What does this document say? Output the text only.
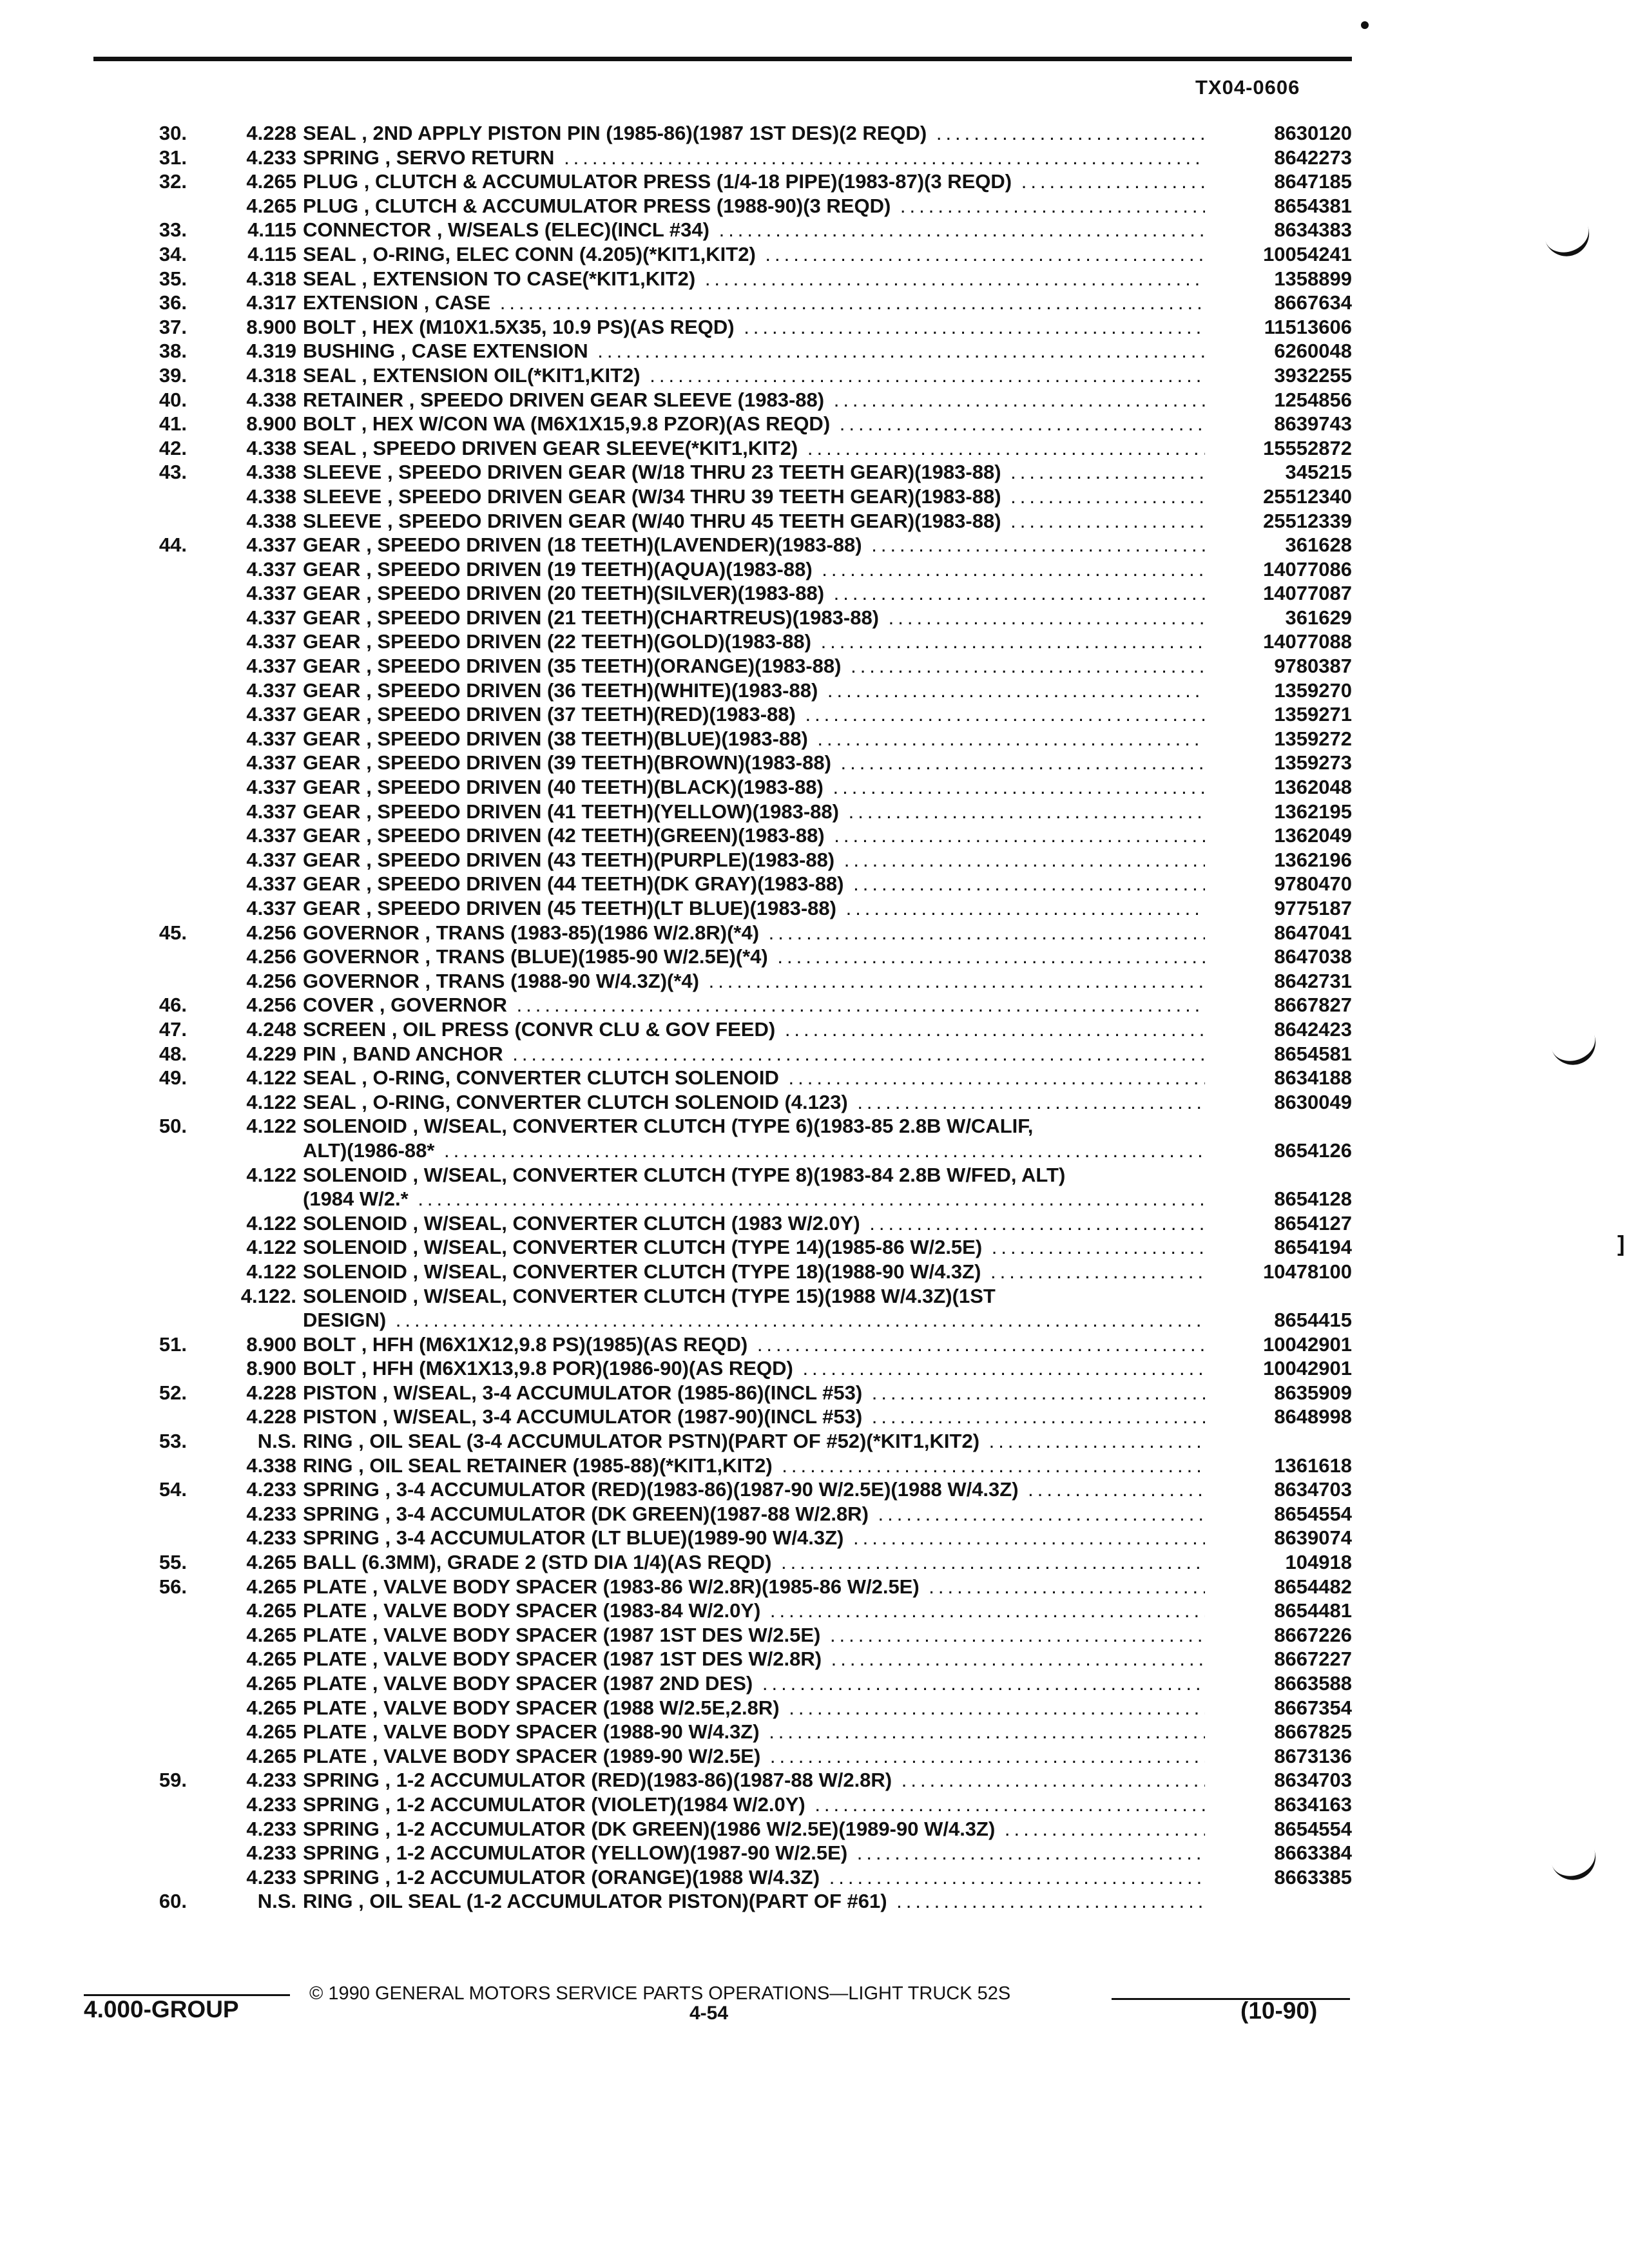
TX04-0606
30.	4.228 SEAL , 2ND APPLY PISTON PIN (1985-86)(1987 1ST DES)(2 REQD) .....	8630120
31.	4.233 SPRING , SERVO RETURN .....	8642273
32.	4.265 PLUG , CLUTCH & ACCUMULATOR PRESS (1/4-18 PIPE)(1983-87)(3 REQD) .....	8647185
4.265 PLUG , CLUTCH & ACCUMULATOR PRESS (1988-90)(3 REQD) .....	8654381
33.	4.115 CONNECTOR , W/SEALS (ELEC)(INCL #34) .....	8634383
34.	4.115 SEAL , O-RING, ELEC CONN (4.205)(*KIT1,KIT2) .....	10054241
35.	4.318 SEAL , EXTENSION TO CASE(*KIT1,KIT2) .....	1358899
36.	4.317 EXTENSION , CASE .....	8667634
37.	8.900 BOLT , HEX (M10X1.5X35, 10.9 PS)(AS REQD) .....	11513606
38.	4.319 BUSHING , CASE EXTENSION .....	6260048
39.	4.318 SEAL , EXTENSION OIL(*KIT1,KIT2) .....	3932255
40.	4.338 RETAINER , SPEEDO DRIVEN GEAR SLEEVE (1983-88) .....	1254856
41.	8.900 BOLT , HEX W/CON WA (M6X1X15,9.8 PZOR)(AS REQD) .....	8639743
42.	4.338 SEAL , SPEEDO DRIVEN GEAR SLEEVE(*KIT1,KIT2) .....	15552872
43.	4.338 SLEEVE , SPEEDO DRIVEN GEAR (W/18 THRU 23 TEETH GEAR)(1983-88) .....	345215
4.338 SLEEVE , SPEEDO DRIVEN GEAR (W/34 THRU 39 TEETH GEAR)(1983-88) .....	25512340
4.338 SLEEVE , SPEEDO DRIVEN GEAR (W/40 THRU 45 TEETH GEAR)(1983-88) .....	25512339
44.	4.337 GEAR , SPEEDO DRIVEN (18 TEETH)(LAVENDER)(1983-88) .....	361628
4.337 GEAR , SPEEDO DRIVEN (19 TEETH)(AQUA)(1983-88) .....	14077086
4.337 GEAR , SPEEDO DRIVEN (20 TEETH)(SILVER)(1983-88) .....	14077087
4.337 GEAR , SPEEDO DRIVEN (21 TEETH)(CHARTREUS)(1983-88) .....	361629
4.337 GEAR , SPEEDO DRIVEN (22 TEETH)(GOLD)(1983-88) .....	14077088
4.337 GEAR , SPEEDO DRIVEN (35 TEETH)(ORANGE)(1983-88) .....	9780387
4.337 GEAR , SPEEDO DRIVEN (36 TEETH)(WHITE)(1983-88) .....	1359270
4.337 GEAR , SPEEDO DRIVEN (37 TEETH)(RED)(1983-88) .....	1359271
4.337 GEAR , SPEEDO DRIVEN (38 TEETH)(BLUE)(1983-88) .....	1359272
4.337 GEAR , SPEEDO DRIVEN (39 TEETH)(BROWN)(1983-88) .....	1359273
4.337 GEAR , SPEEDO DRIVEN (40 TEETH)(BLACK)(1983-88) .....	1362048
4.337 GEAR , SPEEDO DRIVEN (41 TEETH)(YELLOW)(1983-88) .....	1362195
4.337 GEAR , SPEEDO DRIVEN (42 TEETH)(GREEN)(1983-88) .....	1362049
4.337 GEAR , SPEEDO DRIVEN (43 TEETH)(PURPLE)(1983-88) .....	1362196
4.337 GEAR , SPEEDO DRIVEN (44 TEETH)(DK GRAY)(1983-88) .....	9780470
4.337 GEAR , SPEEDO DRIVEN (45 TEETH)(LT BLUE)(1983-88) .....	9775187
45.	4.256 GOVERNOR , TRANS (1983-85)(1986 W/2.8R)(*4) .....	8647041
4.256 GOVERNOR , TRANS (BLUE)(1985-90 W/2.5E)(*4) .....	8647038
4.256 GOVERNOR , TRANS (1988-90 W/4.3Z)(*4) .....	8642731
46.	4.256 COVER , GOVERNOR .....	8667827
47.	4.248 SCREEN , OIL PRESS (CONVR CLU & GOV FEED) .....	8642423
48.	4.229 PIN , BAND ANCHOR .....	8654581
49.	4.122 SEAL , O-RING, CONVERTER CLUTCH SOLENOID .....	8634188
4.122 SEAL , O-RING, CONVERTER CLUTCH SOLENOID (4.123) .....	8630049
50.	4.122 SOLENOID , W/SEAL, CONVERTER CLUTCH (TYPE 6)(1983-85 2.8B W/CALIF,
ALT)(1986-88* .....	8654126
4.122 SOLENOID , W/SEAL, CONVERTER CLUTCH (TYPE 8)(1983-84 2.8B W/FED, ALT)
(1984 W/2.* .....	8654128
4.122 SOLENOID , W/SEAL, CONVERTER CLUTCH (1983 W/2.0Y) .....	8654127
4.122 SOLENOID , W/SEAL, CONVERTER CLUTCH (TYPE 14)(1985-86 W/2.5E) .....	8654194
4.122 SOLENOID , W/SEAL, CONVERTER CLUTCH (TYPE 18)(1988-90 W/4.3Z) .....	10478100
4.122. SOLENOID , W/SEAL, CONVERTER CLUTCH (TYPE 15)(1988 W/4.3Z)(1ST
DESIGN) .....	8654415
51.	8.900 BOLT , HFH (M6X1X12,9.8 PS)(1985)(AS REQD) .....	10042901
8.900 BOLT , HFH (M6X1X13,9.8 POR)(1986-90)(AS REQD) .....	10042901
52.	4.228 PISTON , W/SEAL, 3-4 ACCUMULATOR (1985-86)(INCL #53) .....	8635909
4.228 PISTON , W/SEAL, 3-4 ACCUMULATOR (1987-90)(INCL #53) .....	8648998
53.	N.S. RING , OIL SEAL (3-4 ACCUMULATOR PSTN)(PART OF #52)(*KIT1,KIT2) .....
4.338 RING , OIL SEAL RETAINER (1985-88)(*KIT1,KIT2) .....	1361618
54.	4.233 SPRING , 3-4 ACCUMULATOR (RED)(1983-86)(1987-90 W/2.5E)(1988 W/4.3Z) .....	8634703
4.233 SPRING , 3-4 ACCUMULATOR (DK GREEN)(1987-88 W/2.8R) .....	8654554
4.233 SPRING , 3-4 ACCUMULATOR (LT BLUE)(1989-90 W/4.3Z) .....	8639074
55.	4.265 BALL (6.3MM), GRADE 2 (STD DIA 1/4)(AS REQD) .....	104918
56.	4.265 PLATE , VALVE BODY SPACER (1983-86 W/2.8R)(1985-86 W/2.5E) .....	8654482
4.265 PLATE , VALVE BODY SPACER (1983-84 W/2.0Y) .....	8654481
4.265 PLATE , VALVE BODY SPACER (1987 1ST DES W/2.5E) .....	8667226
4.265 PLATE , VALVE BODY SPACER (1987 1ST DES W/2.8R) .....	8667227
4.265 PLATE , VALVE BODY SPACER (1987 2ND DES) .....	8663588
4.265 PLATE , VALVE BODY SPACER (1988 W/2.5E,2.8R) .....	8667354
4.265 PLATE , VALVE BODY SPACER (1988-90 W/4.3Z) .....	8667825
4.265 PLATE , VALVE BODY SPACER (1989-90 W/2.5E) .....	8673136
59.	4.233 SPRING , 1-2 ACCUMULATOR (RED)(1983-86)(1987-88 W/2.8R) .....	8634703
4.233 SPRING , 1-2 ACCUMULATOR (VIOLET)(1984 W/2.0Y) .....	8634163
4.233 SPRING , 1-2 ACCUMULATOR (DK GREEN)(1986 W/2.5E)(1989-90 W/4.3Z) .....	8654554
4.233 SPRING , 1-2 ACCUMULATOR (YELLOW)(1987-90 W/2.5E) .....	8663384
4.233 SPRING , 1-2 ACCUMULATOR (ORANGE)(1988 W/4.3Z) .....	8663385
60.	N.S. RING , OIL SEAL (1-2 ACCUMULATOR PISTON)(PART OF #61) .....
]
© 1990 GENERAL MOTORS SERVICE PARTS OPERATIONS—LIGHT TRUCK 52S
4.000-GROUP	4-54	(10-90)
